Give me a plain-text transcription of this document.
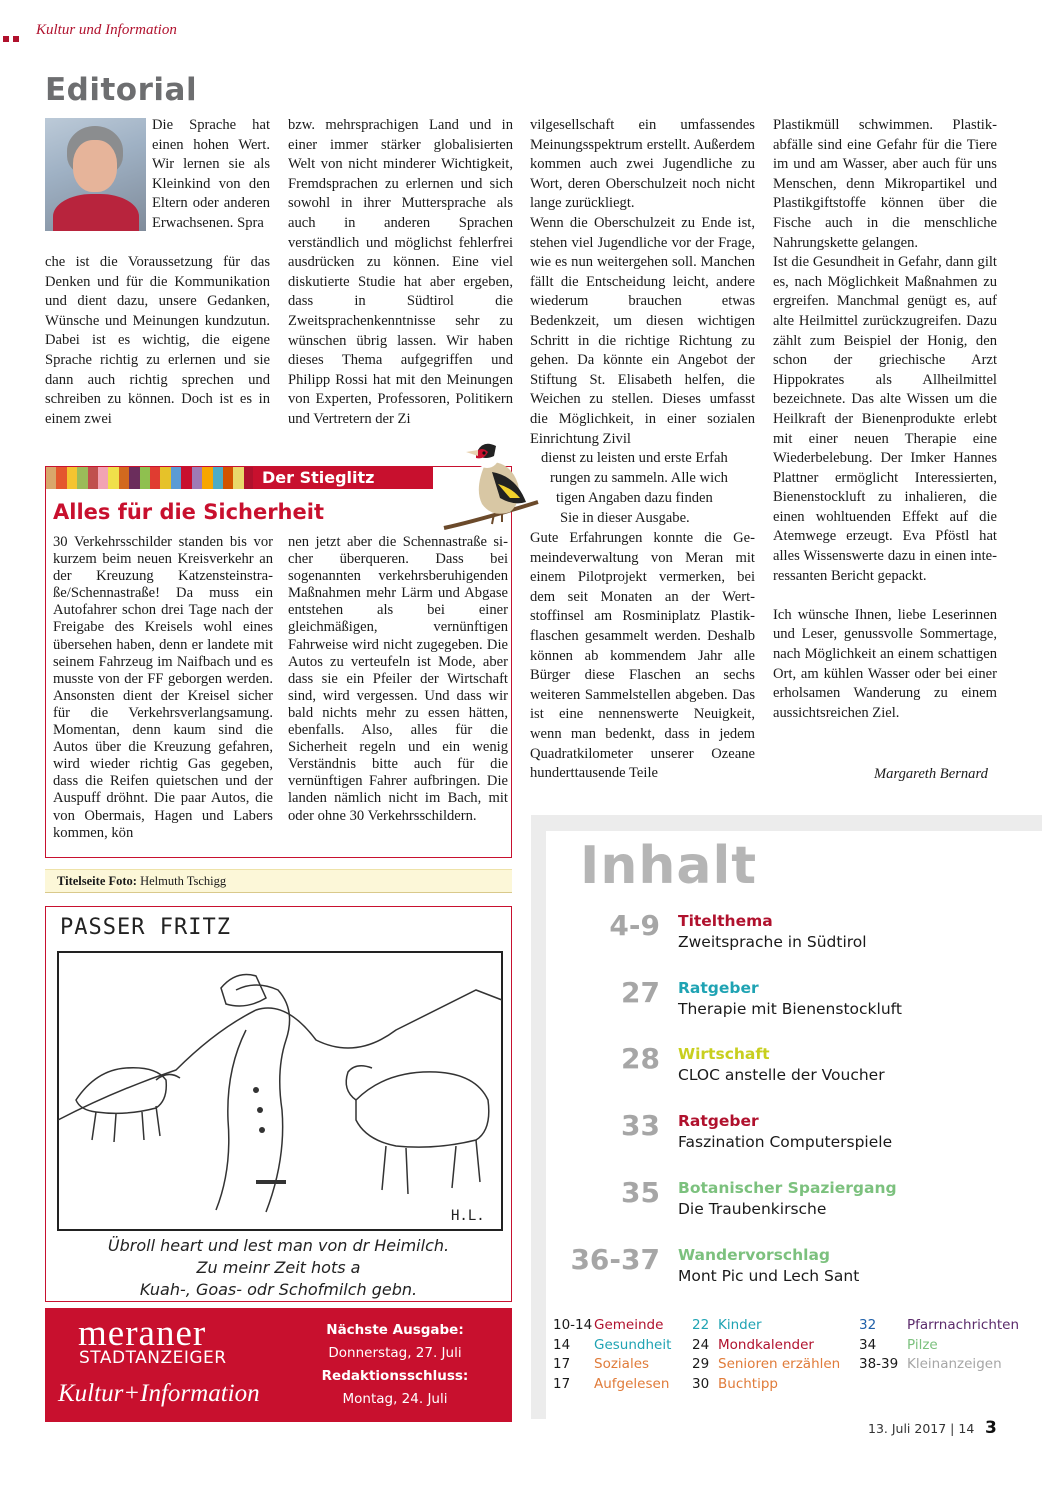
Kultur und Information
Editorial

Die Sprache hat einen hohen Wert. Wir lernen sie als Kleinkind von den Eltern oder anderen Erwachsenen. Spra

che ist die Voraussetzung für das Denken und für die Kommunikation und dient dazu, unsere Gedanken, Wünsche und Meinungen kundzutun. Dabei ist es wichtig, die eigene Sprache richtig zu erlernen und sie dann auch richtig sprechen und schreiben zu können. Doch ist es in einem zwei

bzw. mehrsprachigen Land und in einer immer stärker globalisierten Welt von nicht minderer Wichtigkeit, Fremdsprachen zu erlernen und sich sowohl in ihrer Muttersprache als auch in anderen Sprachen verständlich und möglichst fehlerfrei ausdrücken zu können. Eine viel diskutierte Studie hat aber ergeben, dass in Südtirol die Zweitsprachenkenntnisse sehr zu wünschen übrig lassen. Wir haben dieses Thema aufgegriffen und Philipp Rossi hat mit den Meinungen von Experten, Professoren, Politikern und Vertretern der Zi

vilgesellschaft ein umfassendes Meinungsspektrum erstellt. Außerdem kommen auch zwei Jugendliche zu Wort, deren Oberschulzeit noch nicht lange zurückliegt.

Wenn die Oberschulzeit zu Ende ist, stehen viel Jugendliche vor der Frage, wie es nun weitergehen soll. Manchen fällt die Entscheidung leicht, andere wiederum brauchen etwas Bedenkzeit, um diesen wichtigen Schritt in die richtige Richtung zu gehen. Da könnte ein Angebot der Stiftung St. Elisabeth helfen, die Weichen zu stellen. Dieses umfasst die Möglichkeit, in einer sozialen Einrichtung Zivil

dienst zu leisten und erste Erfah

rungen zu sammeln. Alle wich

tigen Angaben dazu finden

Sie in dieser Ausgabe.

Gute Erfahrungen konnte die Gemeindeverwaltung von Meran mit einem Pilotprojekt vermerken, bei dem seit Monaten an der Wertstoffinsel am Rosminiplatz Plastikflaschen gesammelt werden. Deshalb können ab kommendem Jahr alle Bürger diese Flaschen an sechs weiteren Sammelstellen abgeben. Das ist eine nennenswerte Neuigkeit, wenn man bedenkt, dass in jedem Quadratkilometer unserer Ozeane hunderttausende Teile

Plastikmüll schwimmen. Plastikabfälle sind eine Gefahr für die Tiere im und am Wasser, aber auch für uns Menschen, denn Mikropartikel und Plastikgiftstoffe können über die Fische auch in die menschliche Nahrungskette gelangen.

Ist die Gesundheit in Gefahr, dann gilt es, nach Möglichkeit Maßnahmen zu ergreifen. Manchmal genügt es, auf alte Heilmittel zurückzugreifen. Dazu zählt zum Beispiel der Honig, den schon der griechische Arzt Hippokrates als Allheilmittel bezeichnete. Das alte Wissen um die Heilkraft der Bienenprodukte erlebt mit einer neuen Therapie eine Wiederbelebung. Der Imker Hannes Plattner ermöglicht Interessierten, Bienenstockluft zu inhalieren, die einen wohltuenden Effekt auf die Atemwege erzeugt. Eva Pföstl hat alles Wissenswerte dazu in einen interessanten Bericht gepackt.

Ich wünsche Ihnen, liebe Leserinnen und Leser, genussvolle Sommertage, nach Möglichkeit an einem schattigen Ort, am kühlen Wasser oder bei einer erholsamen Wanderung zu einem aussichtsreichen Ziel.

Margareth Bernard
Der Stieglitz
Alles für die Sicherheit

30 Verkehrsschilder standen bis vor kurzem beim neuen Kreisverkehr an der Kreuzung Katzensteinstraße/Schennastraße! Da muss ein Autofahrer schon drei Tage nach der Freigabe des Kreisels wohl eines übersehen haben, denn er landete mit seinem Fahrzeug im Naifbach und es musste von der FF geborgen werden. Ansonsten dient der Kreisel sicher für die Verkehrsverlangsamung. Momentan, denn kaum sind die Autos über die Kreuzung gefahren, wird wieder richtig Gas gegeben, dass die Reifen quietschen und der Auspuff dröhnt. Die paar Autos, die von Obermais, Hagen und Labers kommen, kön

nen jetzt aber die Schennastraße sicher überqueren. Dass bei sogenannten verkehrsberuhigenden Maßnahmen mehr Lärm und Abgase entstehen als bei einer gleichmäßigen, vernünftigen Fahrweise wird nicht zugegeben. Die Autos zu verteufeln ist Mode, aber dass sie ein Pfeiler der Wirtschaft sind, wird vergessen. Und dass wir bald nichts mehr zu essen hätten, ebenfalls. Also, alles für die Sicherheit regeln und ein wenig Verständnis bitte auch für die vernünftigen Fahrer aufbringen. Die landen nämlich nicht im Bach, mit oder ohne 30 Verkehrsschildern.

Titelseite Foto: Helmuth Tschigg
PASSER FRITZ
H.L.
Übroll heart und lest man von dr Heimilch.
Zu meinr Zeit hots a
Kuah-, Goas- odr Schofmilch gebn.
meraner
STADTANZEIGER
Kultur+Information
Nächste Ausgabe:
Donnerstag, 27. Juli
Redaktionsschluss:
Montag, 24. Juli
Inhalt
4-9 Titelthema
Zweitsprache in Südtirol
27 Ratgeber
Therapie mit Bienenstockluft
28 Wirtschaft
CLOC anstelle der Voucher
33 Ratgeber
Faszination Computerspiele
35 Botanischer Spaziergang
Die Traubenkirsche
36-37 Wandervorschlag
Mont Pic und Lech Sant
10-14 Gemeinde
14 Gesundheit
17 Soziales
17 Aufgelesen
22 Kinder
24 Mondkalender
29 Senioren erzählen
30 Buchtipp
32 Pfarrnachrichten
34 Pilze
38-39 Kleinanzeigen
13. Juli 2017 | 14 3
